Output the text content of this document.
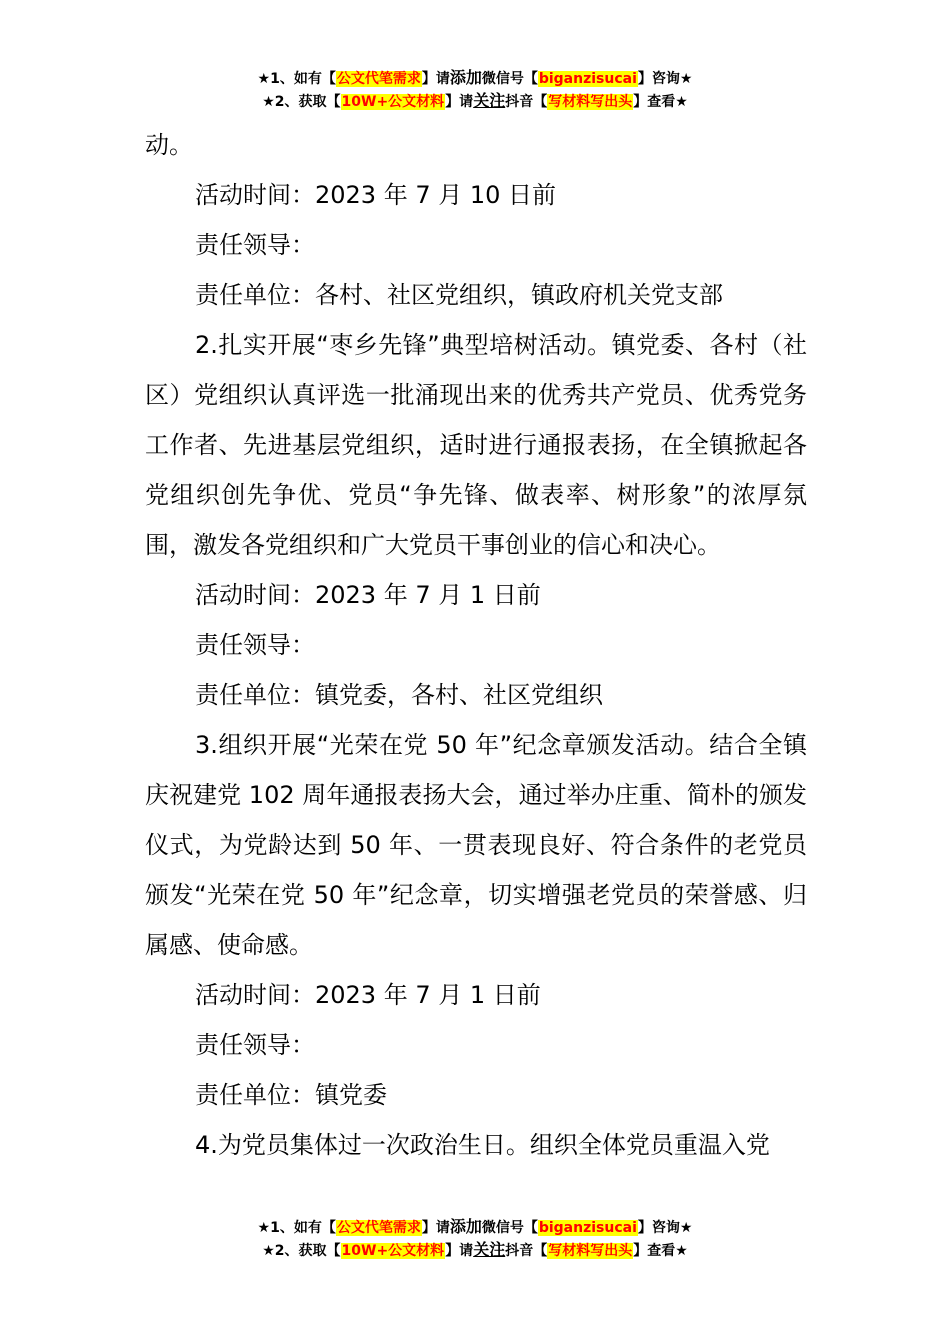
★1、如有【公文代笔需求】请添加微信号【biganzisucai】咨询★
★2、获取【10W+公文材料】请关注抖音【写材料写出头】查看★

动。

活动时间：2023 年 7 月 10 日前

责任领导：

责任单位：各村、社区党组织，镇政府机关党支部

2.扎实开展“枣乡先锋”典型培树活动。镇党委、各村（社区）党组织认真评选一批涌现出来的优秀共产党员、优秀党务工作者、先进基层党组织，适时进行通报表扬，在全镇掀起各党组织创先争优、党员“争先锋、做表率、树形象”的浓厚氛围，激发各党组织和广大党员干事创业的信心和决心。

活动时间：2023 年 7 月 1 日前

责任领导：

责任单位：镇党委，各村、社区党组织

3.组织开展“光荣在党 50 年”纪念章颁发活动。结合全镇庆祝建党 102 周年通报表扬大会，通过举办庄重、简朴的颁发仪式，为党龄达到 50 年、一贯表现良好、符合条件的老党员颁发“光荣在党 50 年”纪念章，切实增强老党员的荣誉感、归属感、使命感。

活动时间：2023 年 7 月 1 日前

责任领导：

责任单位：镇党委

4.为党员集体过一次政治生日。组织全体党员重温入党

★1、如有【公文代笔需求】请添加微信号【biganzisucai】咨询★
★2、获取【10W+公文材料】请关注抖音【写材料写出头】查看★
